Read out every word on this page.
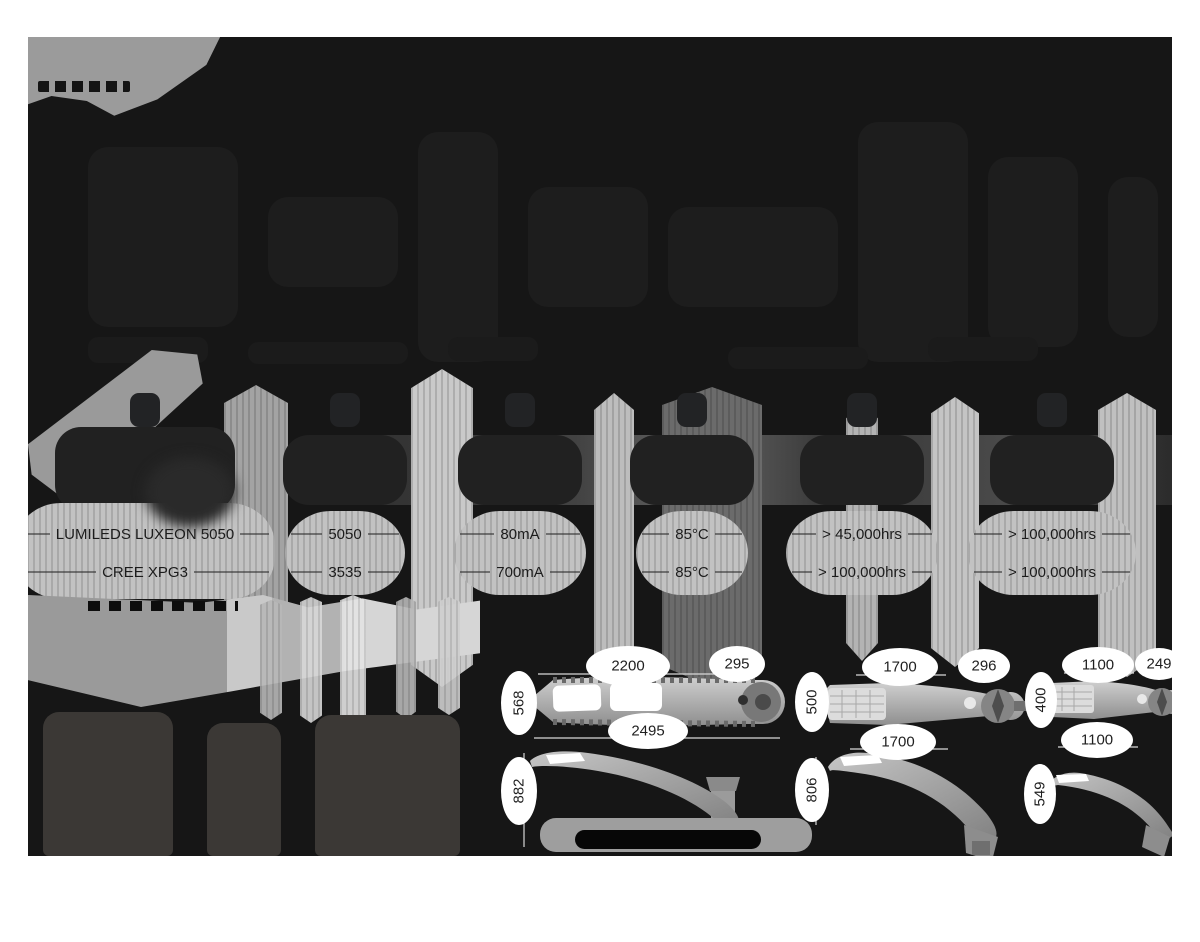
LUMILEDS LUXEON 5050
CREE XPG3
5050
3535
80mA
700mA
85°C
85°C
> 45,000hrs
> 100,000hrs
> 100,000hrs
> 100,000hrs
2200	295
568
2495
882
1700	296
500
1700
806
1100 249
400
1100
549
